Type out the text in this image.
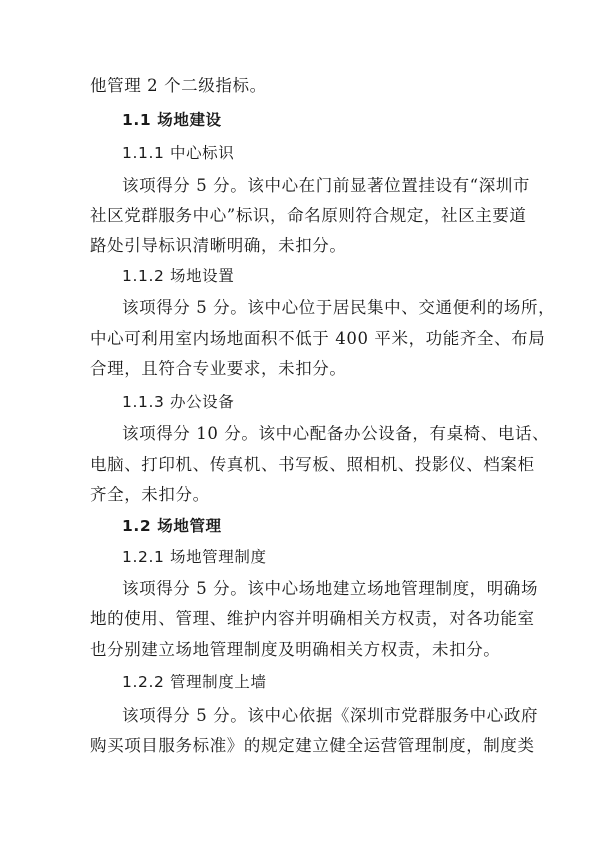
他管理 2 个二级指标。
1.1 场地建设
1.1.1 中心标识
该项得分 5 分。该中心在门前显著位置挂设有“深圳市
社区党群服务中心”标识，命名原则符合规定，社区主要道
路处引导标识清晰明确，未扣分。
1.1.2 场地设置
该项得分 5 分。该中心位于居民集中、交通便利的场所，
中心可利用室内场地面积不低于 400 平米，功能齐全、布局
合理，且符合专业要求，未扣分。
1.1.3 办公设备
该项得分 10 分。该中心配备办公设备，有桌椅、电话、
电脑、打印机、传真机、书写板、照相机、投影仪、档案柜
齐全，未扣分。
1.2 场地管理
1.2.1 场地管理制度
该项得分 5 分。该中心场地建立场地管理制度，明确场
地的使用、管理、维护内容并明确相关方权责，对各功能室
也分别建立场地管理制度及明确相关方权责，未扣分。
1.2.2 管理制度上墙
该项得分 5 分。该中心依据《深圳市党群服务中心政府
购买项目服务标准》的规定建立健全运营管理制度，制度类
